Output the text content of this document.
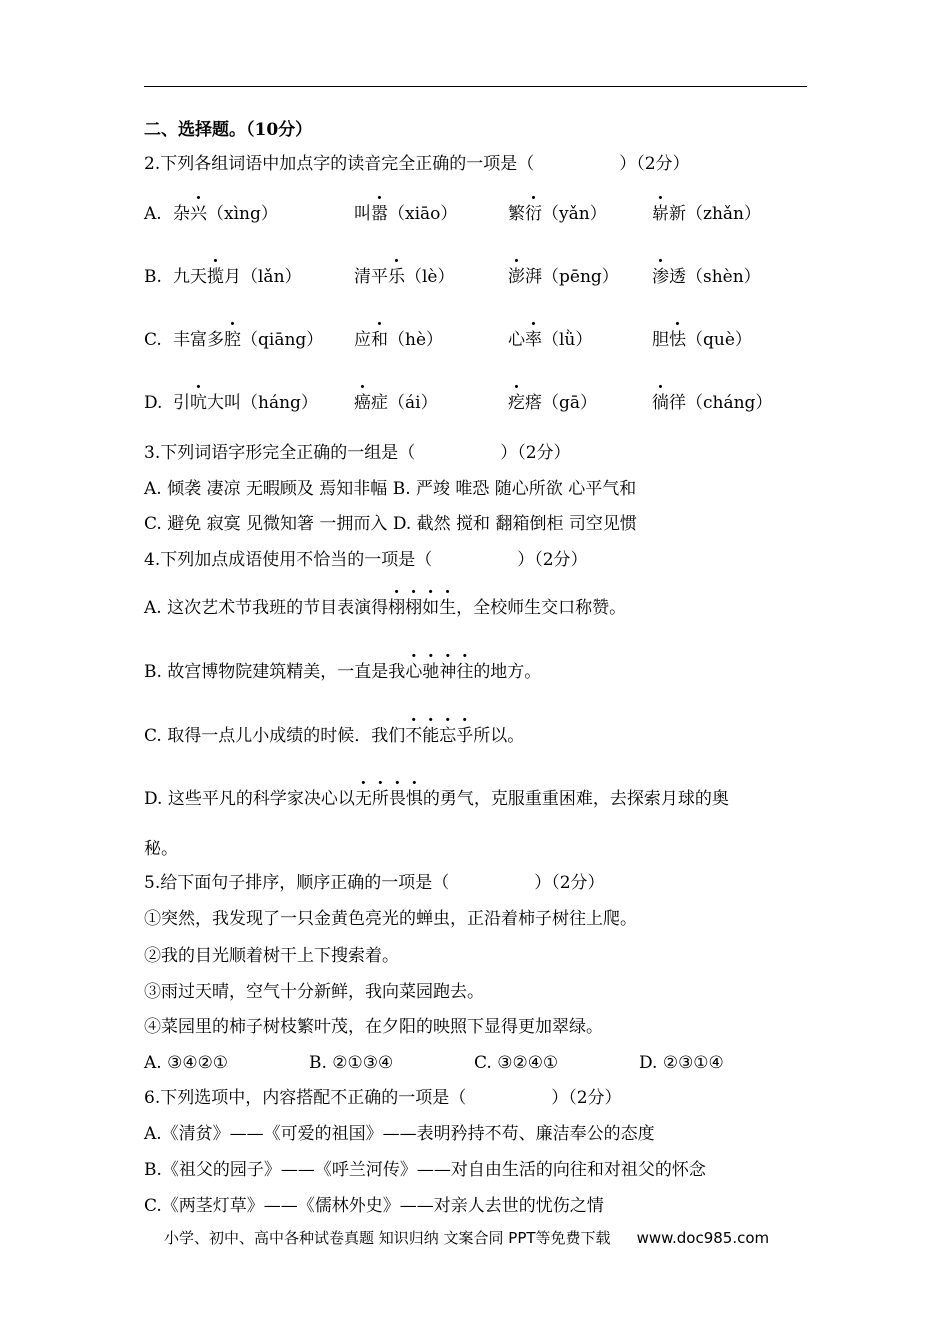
二、选择题。（10分）
2.下列各组词语中加点字的读音完全正确的一项是（　　　　　）（2分）
A. 杂兴（xìng）	叫嚣（xiāo）	繁衍（yǎn）	崭新（zhǎn）
B. 九天揽月（lǎn）	清平乐（lè）	澎湃（pēng） 渗透（shèn）
C. 丰富多腔（qiāng） 应和（hè）	心率（lǜ）	胆怯（què）
D. 引吭大叫（háng） 癌症（ái）	疙瘩（gā）	徜徉（cháng）
3.下列词语字形完全正确的一组是（　　　　　）（2分）
A. 倾袭 凄凉 无暇顾及 焉知非幅 B. 严竣 唯恐 随心所欲 心平气和
C. 避免 寂寞 见微知箸 一拥而入 D. 截然 搅和 翻箱倒柜 司空见惯
4.下列加点成语使用不恰当的一项是（　　　　　）（2分）
A. 这次艺术节我班的节目表演得栩栩如生，全校师生交口称赞。
B. 故宫博物院建筑精美，一直是我心驰神往的地方。
C. 取得一点儿小成绩的时候．我们不能忘乎所以。
D. 这些平凡的科学家决心以无所畏惧的勇气，克服重重困难，去探索月球的奥
秘。
5.给下面句子排序，顺序正确的一项是（　　　　　）（2分）
①突然，我发现了一只金黄色亮光的蝉虫，正沿着柿子树往上爬。
②我的目光顺着树干上下搜索着。
③雨过天晴，空气十分新鲜，我向菜园跑去。
④菜园里的柿子树枝繁叶茂，在夕阳的映照下显得更加翠绿。
A. ③④②①	B. ②①③④	C. ③②④①	D. ②③①④
6.下列选项中，内容搭配不正确的一项是（　　　　　）（2分）
A.《清贫》——《可爱的祖国》——表明矜持不苟、廉洁奉公的态度
B.《祖父的园子》——《呼兰河传》——对自由生活的向往和对祖父的怀念
C.《两茎灯草》——《儒林外史》——对亲人去世的忧伤之情
小学、初中、高中各种试卷真题 知识归纳 文案合同 PPT等免费下载 www.doc985.com
